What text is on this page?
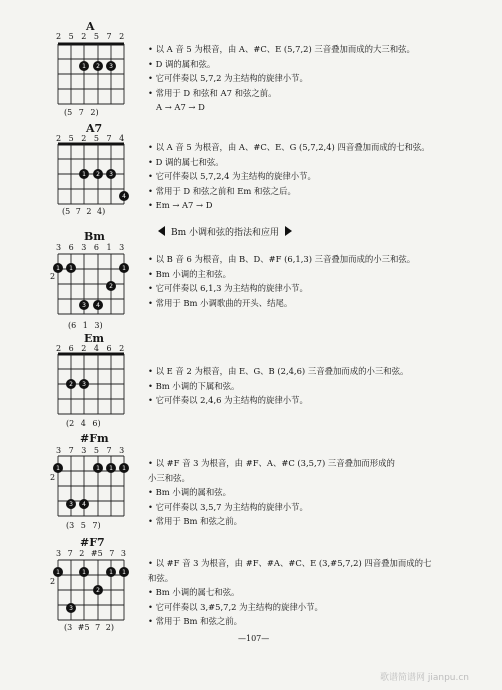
A
2 5 2 5 7 2
1 2 3
(5 7 2)
• 以 A 音 5 为根音，由 A、#C、E (5,7,2) 三音叠加而成的大三和弦。
• D 调的属和弦。
• 它可伴奏以 5,7,2 为主结构的旋律小节。
• 常用于 D 和弦和 A7 和弦之前。
A → A7 → D
A7
2 5 2 5 7 4
1 2 3
4
(5 7 2 4)
• 以 A 音 5 为根音，由 A、#C、E、G (5,7,2,4) 四音叠加而成的七和弦。
• D 调的属七和弦。
• 它可伴奏以 5,7,2,4 为主结构的旋律小节。
• 常用于 D 和弦之前和 Em 和弦之后。
• Em → A7 → D
Bm 小调和弦的指法和应用
Bm
3 6 3 6 1 3
2
1 1	1
2
3 4
(6 1 3)
• 以 B 音 6 为根音，由 B、D、#F (6,1,3) 三音叠加而成的小三和弦。
• Bm 小调的主和弦。
• 它可伴奏以 6,1,3 为主结构的旋律小节。
• 常用于 Bm 小调歌曲的开头、结尾。
Em
2 6 2 4 6 2
2 3
(2 4 6)
• 以 E 音 2 为根音，由 E、G、B (2,4,6) 三音叠加而成的小三和弦。
• Bm 小调的下属和弦。
• 它可伴奏以 2,4,6 为主结构的旋律小节。
#Fm
3 7 3 5 7 3
2
1	1 1 1
3 4
(3 5 7)
• 以 #F 音 3 为根音，由 #F、A、#C (3,5,7) 三音叠加而形成的
小三和弦。
• Bm 小调的属和弦。
• 它可伴奏以 3,5,7 为主结构的旋律小节。
• 常用于 Bm 和弦之前。
#F7
3 7 2 #5 7 3
2
1	1	1 1
2
3
(3 #5 7 2)
• 以 #F 音 3 为根音，由 #F、#A、#C、E (3,#5,7,2) 四音叠加而成的七
和弦。
• Bm 小调的属七和弦。
• 它可伴奏以 3,#5,7,2 为主结构的旋律小节。
• 常用于 Bm 和弦之前。
—107—
歌谱简谱网 jianpu.cn
